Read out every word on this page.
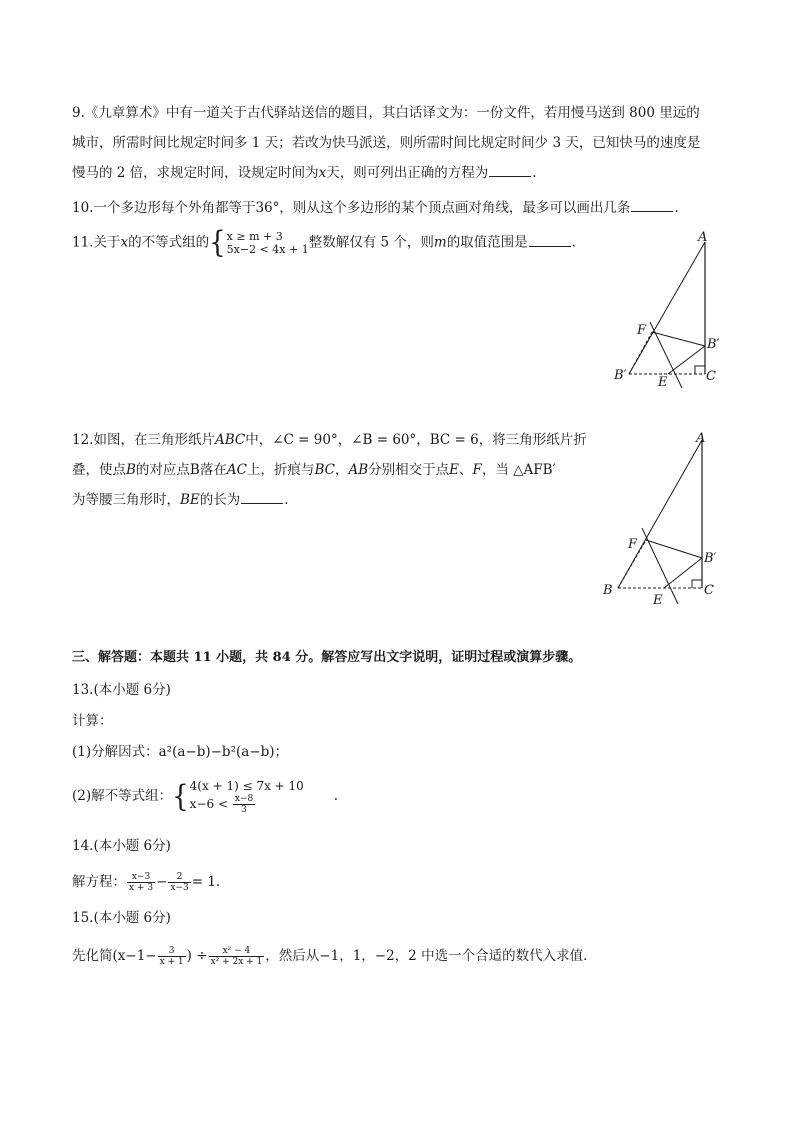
9.《九章算术》中有一道关于古代驿站送信的题目，其白话译文为：一份文件，若用慢马送到 800 里远的

城市，所需时间比规定时间多 1 天；若改为快马派送，则所需时间比规定时间少 3 天，已知快马的速度是

慢马的 2 倍，求规定时间，设规定时间为x天，则可列出正确的方程为	.

10.一个多边形每个外角都等于36°，则从这个多边形的某个顶点画对角线，最多可以画出几条	.
11.关于x的不等式组的{ x ≥ m + 3
5x−2 < 4x + 1 整数解仅有 5 个，则m的取值范围是	.	A
F
B′
B′ E	C

12.如图，在三角形纸片ABC中，∠C = 90°，∠B = 60°，BC = 6，将三角形纸片折

叠，使点B的对应点B落在AC上，折痕与BC，AB分别相交于点E、F，当 △AFB′

为等腰三角形时，BE的长为	.

A
F
B′
B
E
C
三、解答题：本题共 11 小题，共 84 分。解答应写出文字说明，证明过程或演算步骤。
13.(本小题 6分)
计算：
(1)分解因式：a²(a−b)−b²(a−b)；
(2)解不等式组：{ 4(x + 1) ≤ 7x + 10
$x-6 < \frac{x-8}{3}$	.
14.(本小题 6分)
解方程： $\frac{x-3}{x + 3} - \frac{2}{x-3} = 1$.
15.(本小题 6分)
先化简($x-1- \frac{3}{x + 1}$ ) ÷ $\frac{\text{x² − 4}}{\text{x² + 2x + 1}}$ ，然后从−1，1，−2，2 中选一个合适的数代入求值.
